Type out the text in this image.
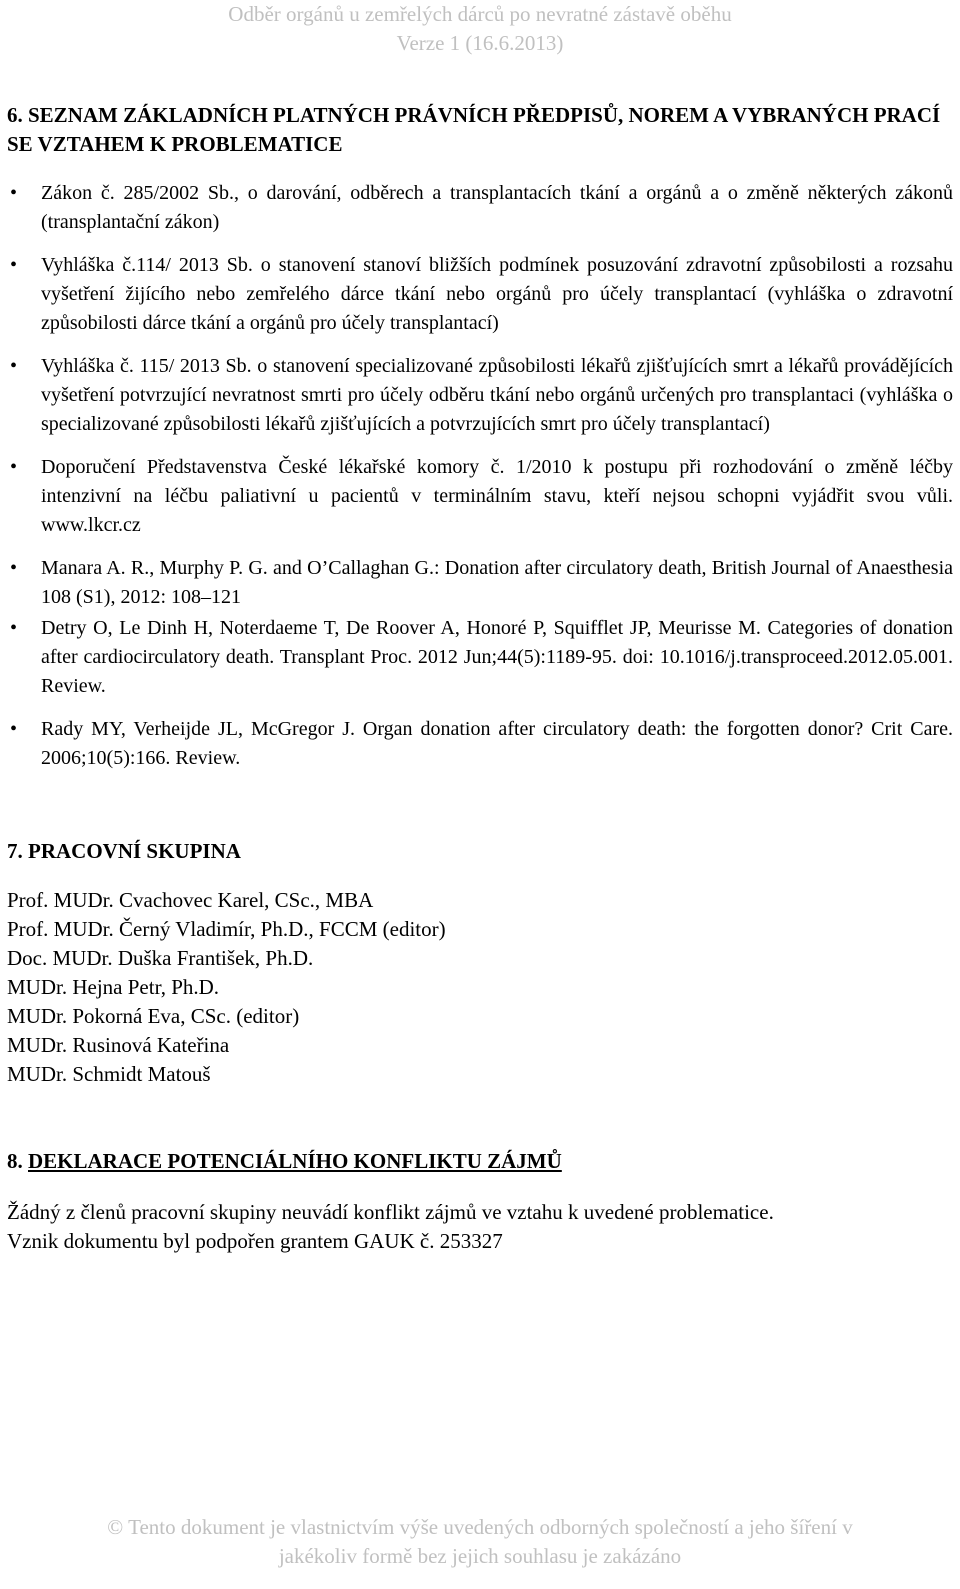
Odběr orgánů u zemřelých dárců po nevratné zástavě oběhu
Verze 1 (16.6.2013)
6. SEZNAM ZÁKLADNÍCH PLATNÝCH PRÁVNÍCH PŘEDPISŮ, NOREM A VYBRANÝCH PRACÍ SE VZTAHEM K PROBLEMATICE
• Zákon č. 285/2002 Sb., o darování, odběrech a transplantacích tkání a orgánů a o změně některých zákonů (transplantační zákon)
• Vyhláška č.114/ 2013 Sb. o stanovení stanoví bližších podmínek posuzování zdravotní způsobilosti a rozsahu vyšetření žijícího nebo zemřelého dárce tkání nebo orgánů pro účely transplantací (vyhláška o zdravotní způsobilosti dárce tkání a orgánů pro účely transplantací)
• Vyhláška č. 115/ 2013 Sb. o stanovení specializované způsobilosti lékařů zjišťujících smrt a lékařů provádějících vyšetření potvrzující nevratnost smrti pro účely odběru tkání nebo orgánů určených pro transplantaci (vyhláška o specializované způsobilosti lékařů zjišťujících a potvrzujících smrt pro účely transplantací)
• Doporučení Představenstva České lékařské komory č. 1/2010 k postupu při rozhodování o změně léčby intenzivní na léčbu paliativní u pacientů v terminálním stavu, kteří nejsou schopni vyjádřit svou vůli. www.lkcr.cz
• Manara A. R., Murphy P. G. and O’Callaghan G.: Donation after circulatory death, British Journal of Anaesthesia 108 (S1), 2012: 108–121
• Detry O, Le Dinh H, Noterdaeme T, De Roover A, Honoré P, Squifflet JP, Meurisse M. Categories of donation after cardiocirculatory death. Transplant Proc. 2012 Jun;44(5):1189-95. doi: 10.1016/j.transproceed.2012.05.001. Review.
• Rady MY, Verheijde JL, McGregor J. Organ donation after circulatory death: the forgotten donor? Crit Care. 2006;10(5):166. Review.
7. PRACOVNÍ SKUPINA
Prof. MUDr. Cvachovec Karel, CSc., MBA
Prof. MUDr. Černý Vladimír, Ph.D., FCCM (editor)
Doc. MUDr. Duška František, Ph.D.
MUDr. Hejna Petr, Ph.D.
MUDr. Pokorná Eva, CSc. (editor)
MUDr. Rusinová Kateřina
MUDr. Schmidt Matouš
8. DEKLARACE POTENCIÁLNÍHO KONFLIKTU ZÁJMŮ
Žádný z členů pracovní skupiny neuvádí konflikt zájmů ve vztahu k uvedené problematice.
Vznik dokumentu byl podpořen grantem GAUK č. 253327
© Tento dokument je vlastnictvím výše uvedených odborných společností a jeho šíření v
jakékoliv formě bez jejich souhlasu je zakázáno
